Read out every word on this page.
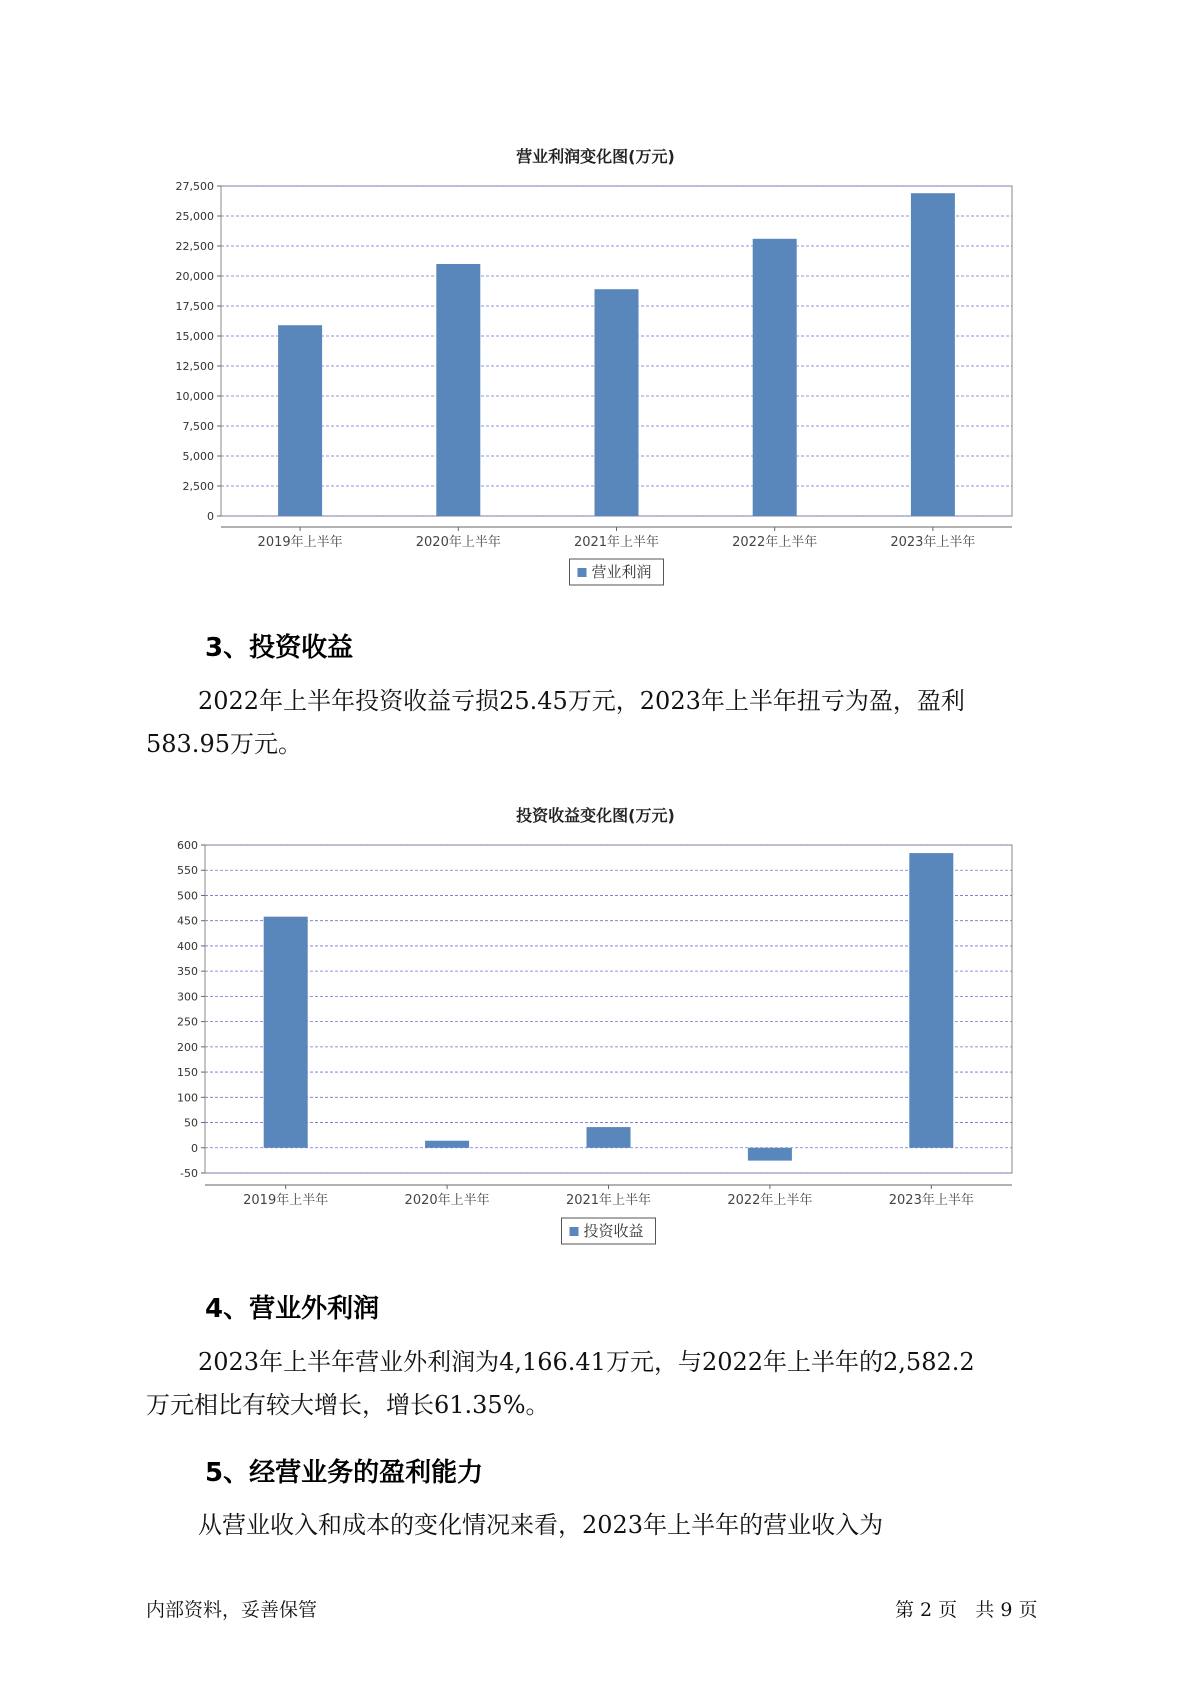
营业利润变化图(万元)
0
2,500
5,000
7,500
10,000
12,500
15,000
17,500
20,000
22,500
25,000
27,500
2019年上半年	2020年上半年	2021年上半年	2022年上半年	2023年上半年
营业利润
3、投资收益
2022年上半年投资收益亏损25.45万元，2023年上半年扭亏为盈，盈利
583.95万元。
投资收益变化图(万元)
-50
0
50
100
150
200
250
300
350
400
450
500
550
600
2019年上半年	2020年上半年	2021年上半年	2022年上半年	2023年上半年
投资收益
4、营业外利润
2023年上半年营业外利润为4,166.41万元，与2022年上半年的2,582.2
万元相比有较大增长，增长61.35%。
5、经营业务的盈利能力
从营业收入和成本的变化情况来看，2023年上半年的营业收入为
内部资料，妥善保管	第 2 页   共 9 页
